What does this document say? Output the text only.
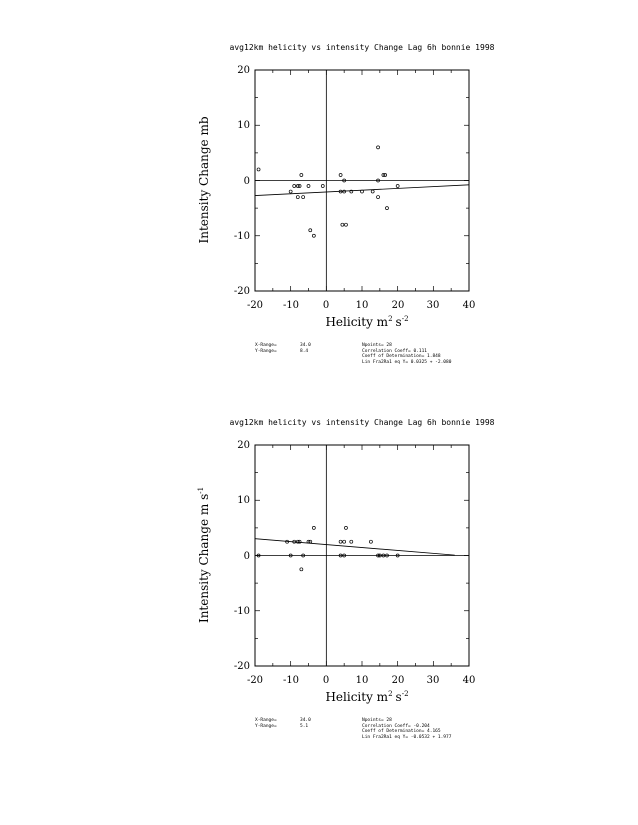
avg12km helicity vs intensity Change Lag 6h bonnie 1998
-20 -10 0	10 20 30 40
-20
-10
0
10
20
Helicity $m^2$ $s^{-2}$
Intensity Change mb
X-Range=	34.0
Y-Range=	8.4
Npoints= 28
Correlation Coeff= 0.111
Coeff of Determination= 1.848
Lin Fra2Ra1 eq Y= 0.0325 + -2.080
avg12km helicity vs intensity Change Lag 6h bonnie 1998
-20 -10 0	10 20 30 40
-20
-10
0
10
20
Helicity $m^2$ $s^{-2}$
Intensity Change m $s^{-1}$
X-Range=	34.0
Y-Range=	5.1
Npoints= 28
Correlation Coeff= -0.204
Coeff of Determination= 4.165
Lin Fra2Ra1 eq Y= -0.0532 + 1.977
